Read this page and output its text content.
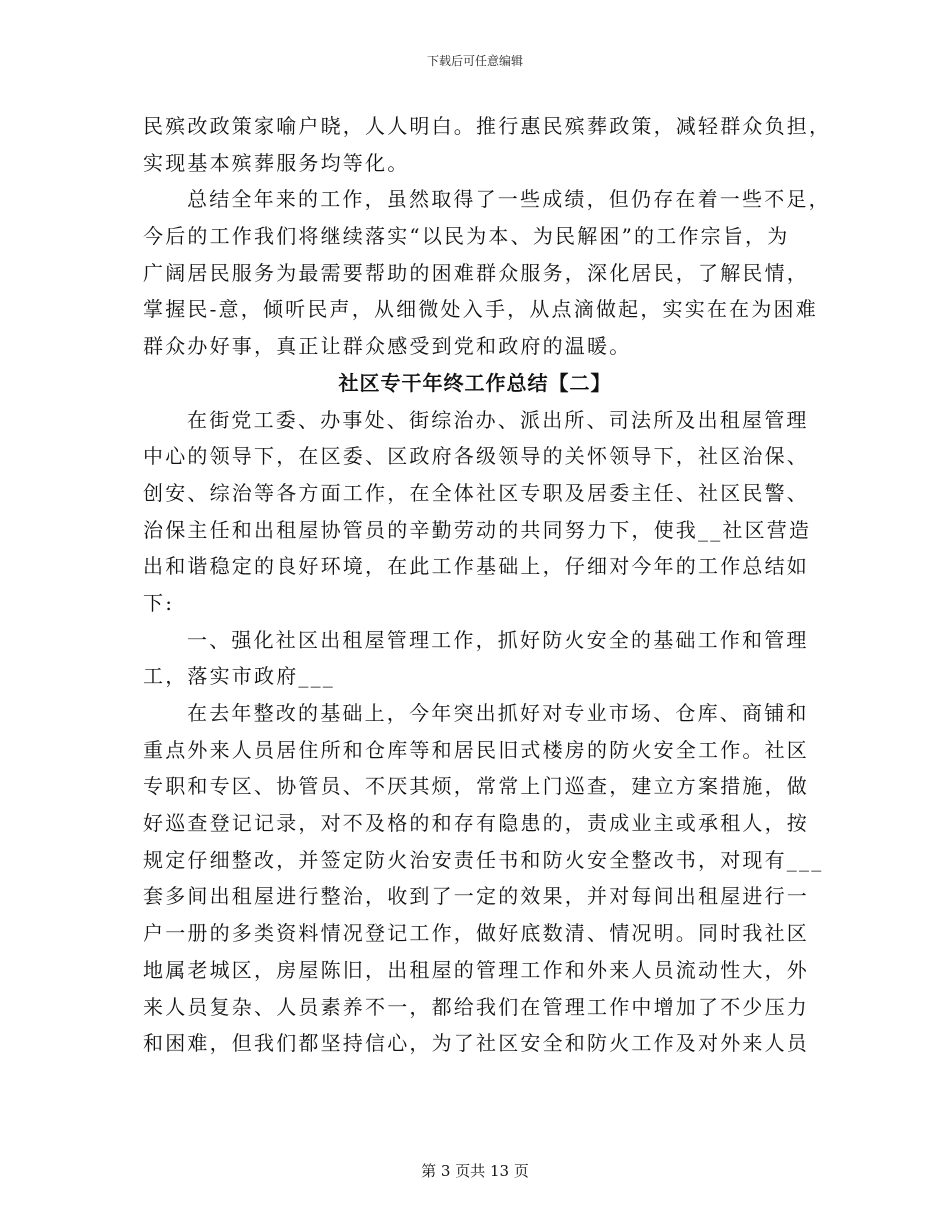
下载后可任意编辑
民殡改政策家喻户晓，人人明白。推行惠民殡葬政策，减轻群众负担，
实现基本殡葬服务均等化。
总结全年来的工作，虽然取得了一些成绩，但仍存在着一些不足，
今后的工作我们将继续落实“以民为本、为民解困”的工作宗旨，为
广阔居民服务为最需要帮助的困难群众服务，深化居民，了解民情，
掌握民-意，倾听民声，从细微处入手，从点滴做起，实实在在为困难
群众办好事，真正让群众感受到党和政府的温暖。
社区专干年终工作总结【二】
在街党工委、办事处、街综治办、派出所、司法所及出租屋管理
中心的领导下，在区委、区政府各级领导的关怀领导下，社区治保、
创安、综治等各方面工作，在全体社区专职及居委主任、社区民警、
治保主任和出租屋协管员的辛勤劳动的共同努力下，使我__社区营造
出和谐稳定的良好环境，在此工作基础上，仔细对今年的工作总结如
下:
一、强化社区出租屋管理工作，抓好防火安全的基础工作和管理
工，落实市政府___
在去年整改的基础上，今年突出抓好对专业市场、仓库、商铺和
重点外来人员居住所和仓库等和居民旧式楼房的防火安全工作。社区
专职和专区、协管员、不厌其烦，常常上门巡查，建立方案措施，做
好巡查登记记录，对不及格的和存有隐患的，责成业主或承租人，按
规定仔细整改，并签定防火治安责任书和防火安全整改书，对现有___
套多间出租屋进行整治，收到了一定的效果，并对每间出租屋进行一
户一册的多类资料情况登记工作，做好底数清、情况明。同时我社区
地属老城区，房屋陈旧，出租屋的管理工作和外来人员流动性大，外
来人员复杂、人员素养不一，都给我们在管理工作中增加了不少压力
和困难，但我们都坚持信心，为了社区安全和防火工作及对外来人员
第 3 页共 13 页
